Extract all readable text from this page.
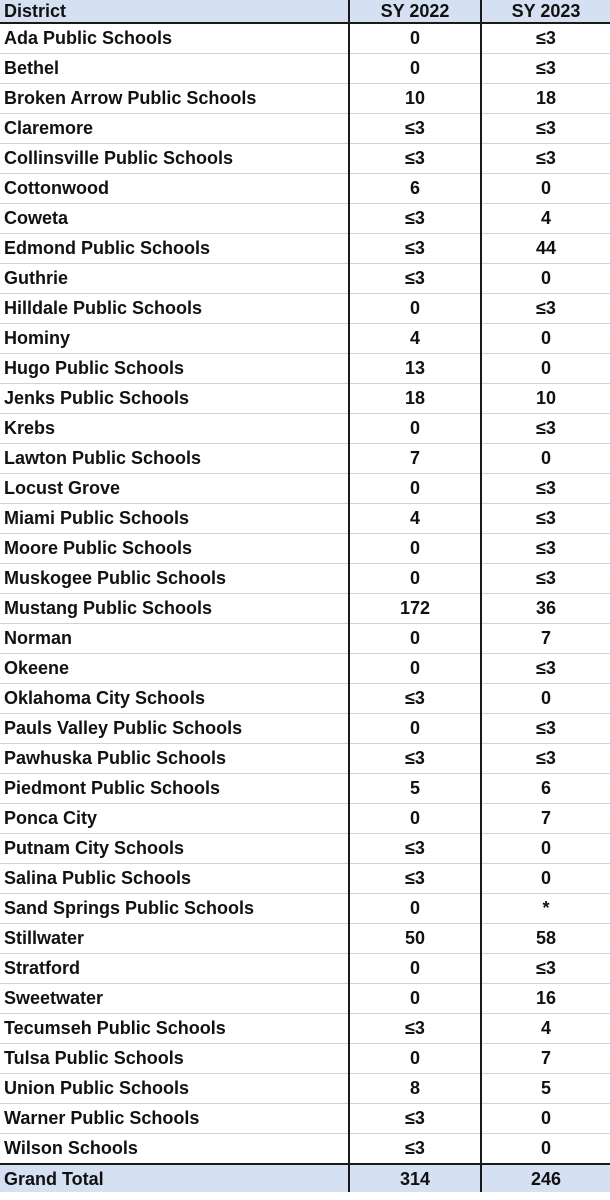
District	SY 2022	SY 2023
Ada Public Schools	0	≤3
Bethel	0	≤3
Broken Arrow Public Schools	10	18
Claremore	≤3	≤3
Collinsville Public Schools	≤3	≤3
Cottonwood	6	0
Coweta	≤3	4
Edmond Public Schools	≤3	44
Guthrie	≤3	0
Hilldale Public Schools	0	≤3
Hominy	4	0
Hugo Public Schools	13	0
Jenks Public Schools	18	10
Krebs	0	≤3
Lawton Public Schools	7	0
Locust Grove	0	≤3
Miami Public Schools	4	≤3
Moore Public Schools	0	≤3
Muskogee Public Schools	0	≤3
Mustang Public Schools	172	36
Norman	0	7
Okeene	0	≤3
Oklahoma City Schools	≤3	0
Pauls Valley Public Schools	0	≤3
Pawhuska Public Schools	≤3	≤3
Piedmont Public Schools	5	6
Ponca City	0	7
Putnam City Schools	≤3	0
Salina Public Schools	≤3	0
Sand Springs Public Schools	0	*
Stillwater	50	58
Stratford	0	≤3
Sweetwater	0	16
Tecumseh Public Schools	≤3	4
Tulsa Public Schools	0	7
Union Public Schools	8	5
Warner Public Schools	≤3	0
Wilson Schools	≤3	0
Grand Total	314	246
